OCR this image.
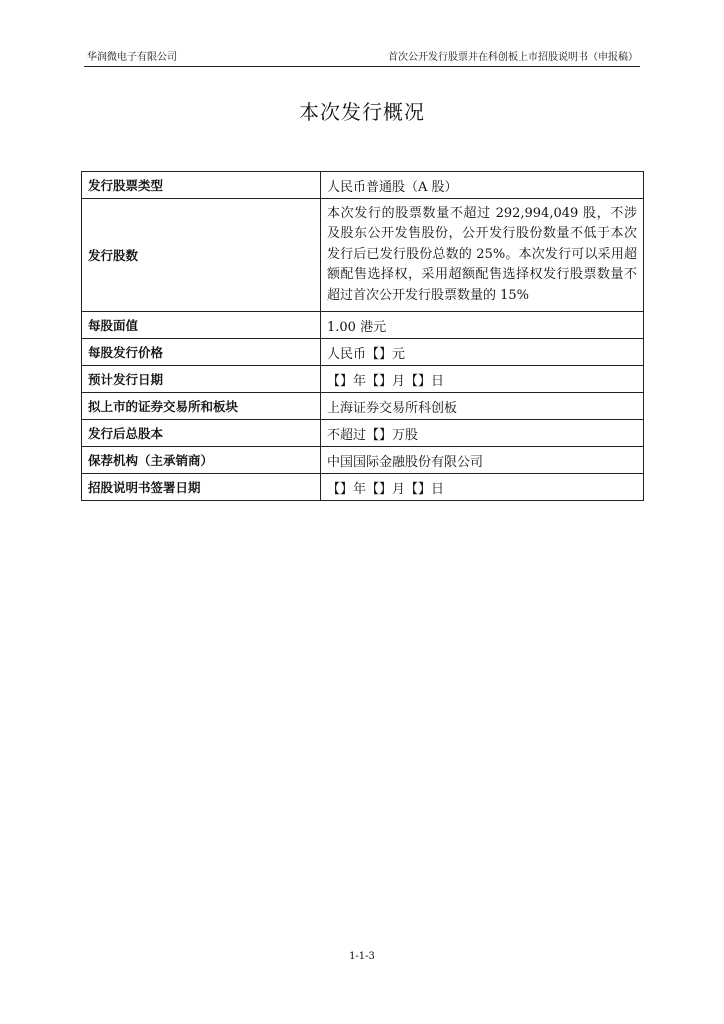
华润微电子有限公司	首次公开发行股票并在科创板上市招股说明书（申报稿）
本次发行概况
发行股票类型	人民币普通股（A 股）
发行股数	本次发行的股票数量不超过 292,994,049 股，不涉及股东公开发售股份，公开发行股份数量不低于本次发行后已发行股份总数的 25%。本次发行可以采用超额配售选择权，采用超额配售选择权发行股票数量不超过首次公开发行股票数量的 15%
每股面值	1.00 港元
每股发行价格	人民币【】元
预计发行日期	【】年【】月【】日
拟上市的证券交易所和板块	上海证券交易所科创板
发行后总股本	不超过【】万股
保荐机构（主承销商）	中国国际金融股份有限公司
招股说明书签署日期	【】年【】月【】日
1-1-3
